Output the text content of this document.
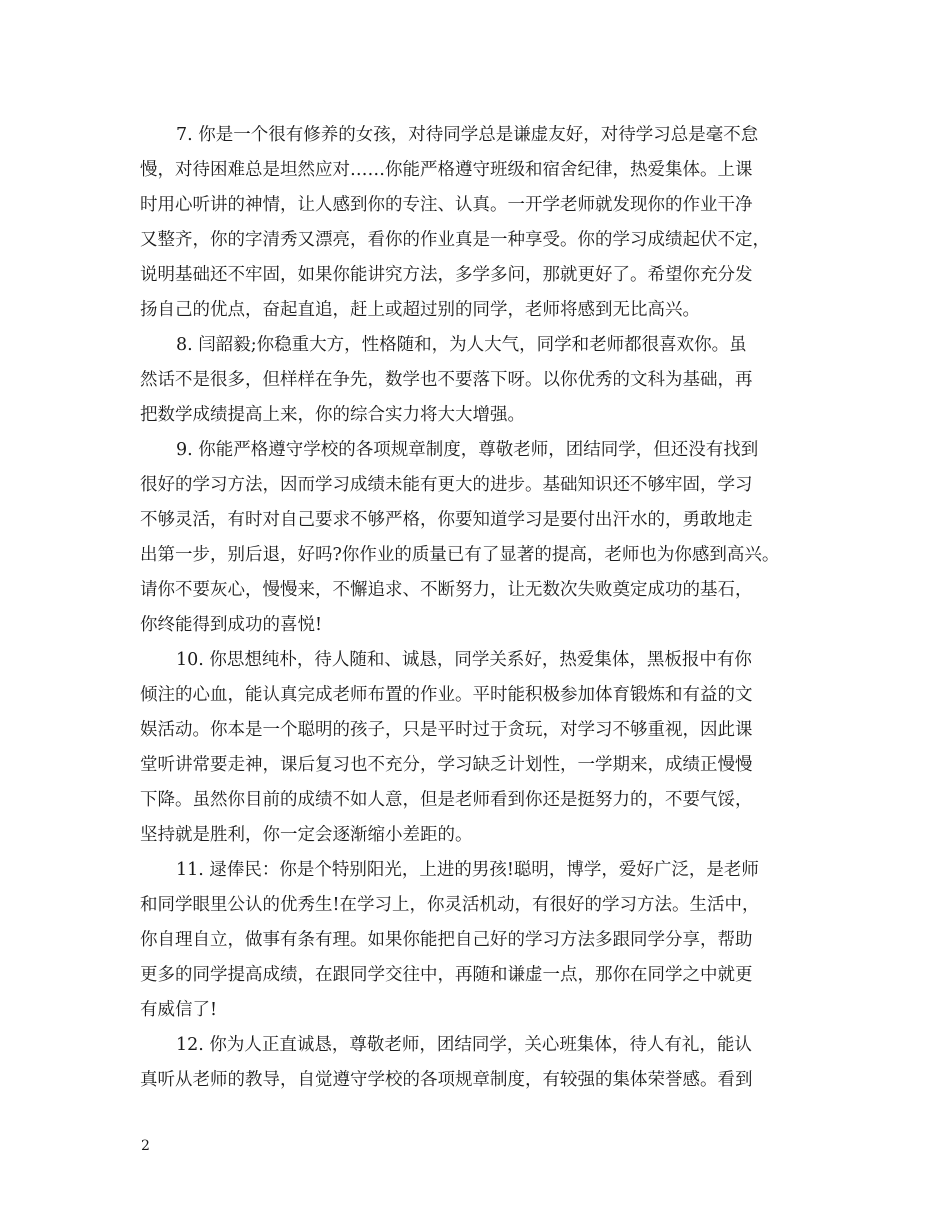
7. 你是一个很有修养的女孩，对待同学总是谦虚友好，对待学习总是毫不怠
慢，对待困难总是坦然应对……你能严格遵守班级和宿舍纪律，热爱集体。上课
时用心听讲的神情，让人感到你的专注、认真。一开学老师就发现你的作业干净
又整齐，你的字清秀又漂亮，看你的作业真是一种享受。你的学习成绩起伏不定，
说明基础还不牢固，如果你能讲究方法，多学多问，那就更好了。希望你充分发
扬自己的优点，奋起直追，赶上或超过别的同学，老师将感到无比高兴。
8. 闫韶毅;你稳重大方，性格随和，为人大气，同学和老师都很喜欢你。虽
然话不是很多，但样样在争先，数学也不要落下呀。以你优秀的文科为基础，再
把数学成绩提高上来，你的综合实力将大大增强。
9. 你能严格遵守学校的各项规章制度，尊敬老师，团结同学，但还没有找到
很好的学习方法，因而学习成绩未能有更大的进步。基础知识还不够牢固，学习
不够灵活，有时对自己要求不够严格，你要知道学习是要付出汗水的，勇敢地走
出第一步，别后退，好吗?你作业的质量已有了显著的提高，老师也为你感到高兴。
请你不要灰心，慢慢来，不懈追求、不断努力，让无数次失败奠定成功的基石，
你终能得到成功的喜悦!
10. 你思想纯朴，待人随和、诚恳，同学关系好，热爱集体，黑板报中有你
倾注的心血，能认真完成老师布置的作业。平时能积极参加体育锻炼和有益的文
娱活动。你本是一个聪明的孩子，只是平时过于贪玩，对学习不够重视，因此课
堂听讲常要走神，课后复习也不充分，学习缺乏计划性，一学期来，成绩正慢慢
下降。虽然你目前的成绩不如人意，但是老师看到你还是挺努力的，不要气馁，
坚持就是胜利，你一定会逐渐缩小差距的。
11. 逯俸民：你是个特别阳光，上进的男孩!聪明，博学，爱好广泛，是老师
和同学眼里公认的优秀生!在学习上，你灵活机动，有很好的学习方法。生活中，
你自理自立，做事有条有理。如果你能把自己好的学习方法多跟同学分享，帮助
更多的同学提高成绩，在跟同学交往中，再随和谦虚一点，那你在同学之中就更
有威信了!
12. 你为人正直诚恳，尊敬老师，团结同学，关心班集体，待人有礼，能认
真听从老师的教导，自觉遵守学校的各项规章制度，有较强的集体荣誉感。看到
2
